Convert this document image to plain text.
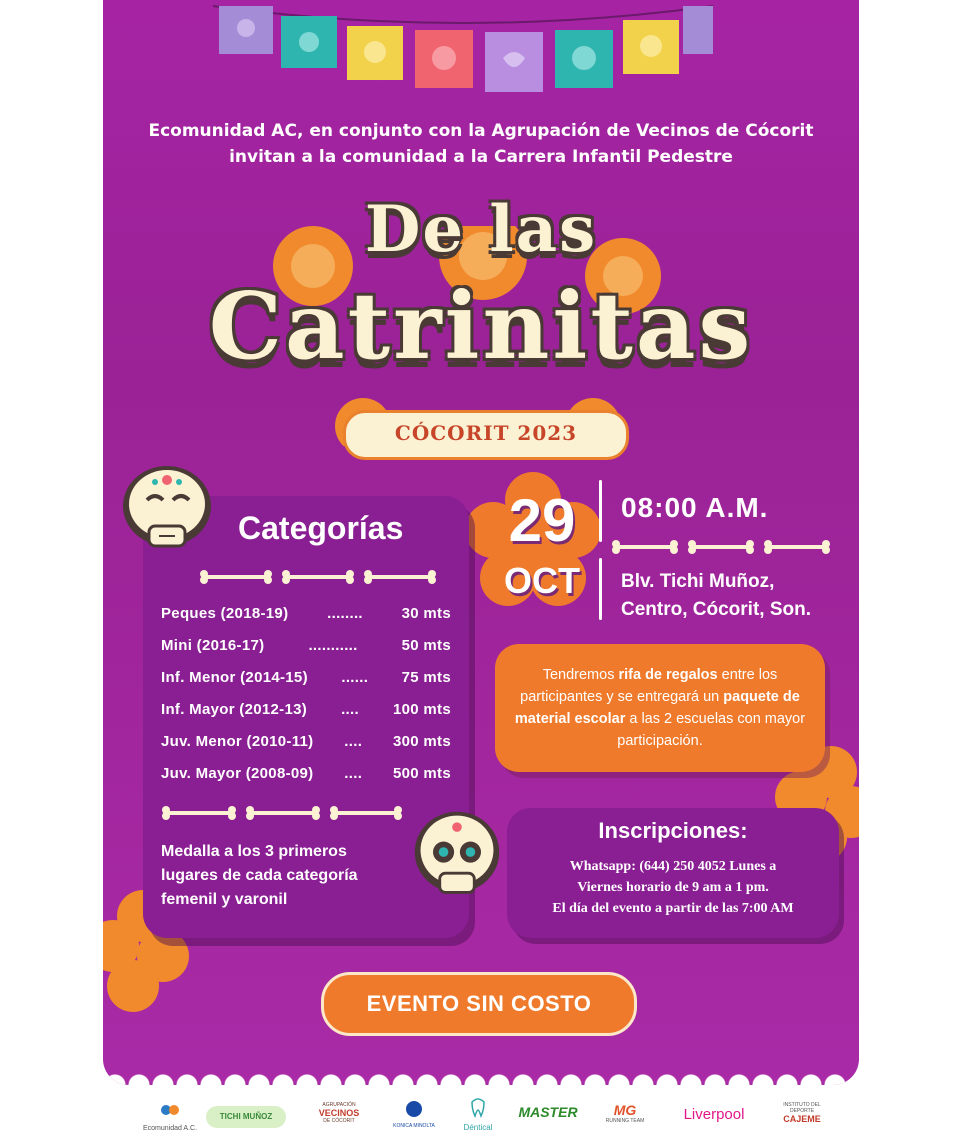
Ecomunidad AC, en conjunto con la Agrupación de Vecinos de Cócorit
invitan a la comunidad a la Carrera Infantil Pedestre
De las
Catrinitas
CÓCORIT 2023
Categorías
Peques (2018-19)	........	30 mts
Mini (2016-17)	...........	50 mts
Inf. Menor (2014-15) ...... 75 mts
Inf. Mayor (2012-13) .... 100 mts
Juv. Menor (2010-11) .... 300 mts
Juv. Mayor (2008-09) .... 500 mts
Medalla a los 3 primeros
lugares de cada categoría
femenil y varonil
29
OCT
08:00 A.M.
Blv. Tichi Muñoz,
Centro, Cócorit, Son.
Tendremos rifa de regalos entre los participantes y se entregará un paquete de material escolar a las 2 escuelas con mayor participación.
Inscripciones:
Whatsapp: (644) 250 4052 Lunes a
Viernes horario de 9 am a 1 pm.
El día del evento a partir de las 7:00 AM
EVENTO SIN COSTO
Ecomunidad A.C.
TICHI MUÑOZ
AGRUPACIÓN
VECINOS
DE CÓCORIT
KONICA MINOLTA	Déntical
MASTER	MG
RUNNING TEAM	Liverpool
INSTITUTO DEL DEPORTE
CAJEME
